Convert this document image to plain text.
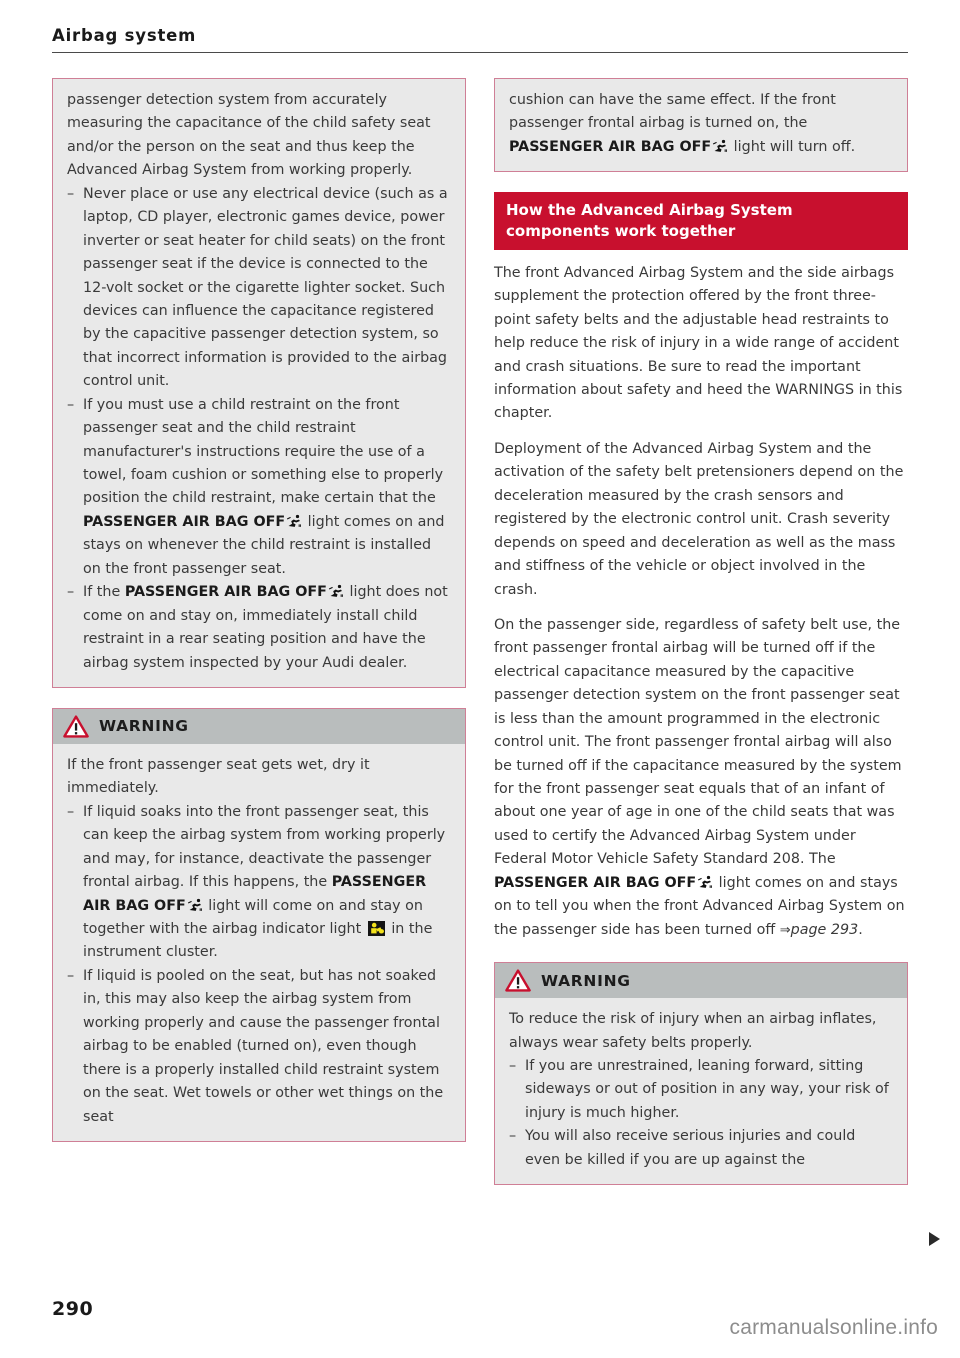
Airbag system

passenger detection system from accurately measuring the capacitance of the child safety seat and/or the person on the seat and thus keep the Advanced Airbag System from working properly.

– Never place or use any electrical device (such as a laptop, CD player, electronic games device, power inverter or seat heater for child seats) on the front passenger seat if the device is connected to the 12-volt socket or the cigarette lighter socket. Such devices can influence the capacitance registered by the capacitive passenger detection system, so that incorrect information is provided to the airbag control unit.
– If you must use a child restraint on the front passenger seat and the child restraint manufacturer's instructions require the use of a towel, foam cushion or something else to properly position the child restraint, make certain that the PASSENGER AIR BAG OFF light comes on and stays on whenever the child restraint is installed on the front passenger seat.
– If the PASSENGER AIR BAG OFF light does not come on and stay on, immediately install child restraint in a rear seating position and have the airbag system inspected by your Audi dealer.
WARNING

If the front passenger seat gets wet, dry it immediately.

– If liquid soaks into the front passenger seat, this can keep the airbag system from working properly and may, for instance, deactivate the passenger frontal airbag. If this happens, the PASSENGER AIR BAG OFF light will come on and stay on together with the airbag indicator light  in the instrument cluster.
– If liquid is pooled on the seat, but has not soaked in, this may also keep the airbag system from working properly and cause the passenger frontal airbag to be enabled (turned on), even though there is a properly installed child restraint system on the seat. Wet towels or other wet things on the seat

cushion can have the same effect. If the front passenger frontal airbag is turned on, the PASSENGER AIR BAG OFF light will turn off.

How the Advanced Airbag System components work together

The front Advanced Airbag System and the side airbags supplement the protection offered by the front three-point safety belts and the adjustable head restraints to help reduce the risk of injury in a wide range of accident and crash situations. Be sure to read the important information about safety and heed the WARNINGS in this chapter.

Deployment of the Advanced Airbag System and the activation of the safety belt pretensioners depend on the deceleration measured by the crash sensors and registered by the electronic control unit. Crash severity depends on speed and deceleration as well as the mass and stiffness of the vehicle or object involved in the crash.

On the passenger side, regardless of safety belt use, the front passenger frontal airbag will be turned off if the electrical capacitance measured by the capacitive passenger detection system on the front passenger seat is less than the amount programmed in the electronic control unit. The front passenger frontal airbag will also be turned off if the capacitance measured by the system for the front passenger seat equals that of an infant of about one year of age in one of the child seats that was used to certify the Advanced Airbag System under Federal Motor Vehicle Safety Standard 208. The PASSENGER AIR BAG OFF light comes on and stays on to tell you when the front Advanced Airbag System on the passenger side has been turned off ⇒page 293.

WARNING

To reduce the risk of injury when an airbag inflates, always wear safety belts properly.

– If you are unrestrained, leaning forward, sitting sideways or out of position in any way, your risk of injury is much higher.
– You will also receive serious injuries and could even be killed if you are up against the
290
carmanualsonline.info
